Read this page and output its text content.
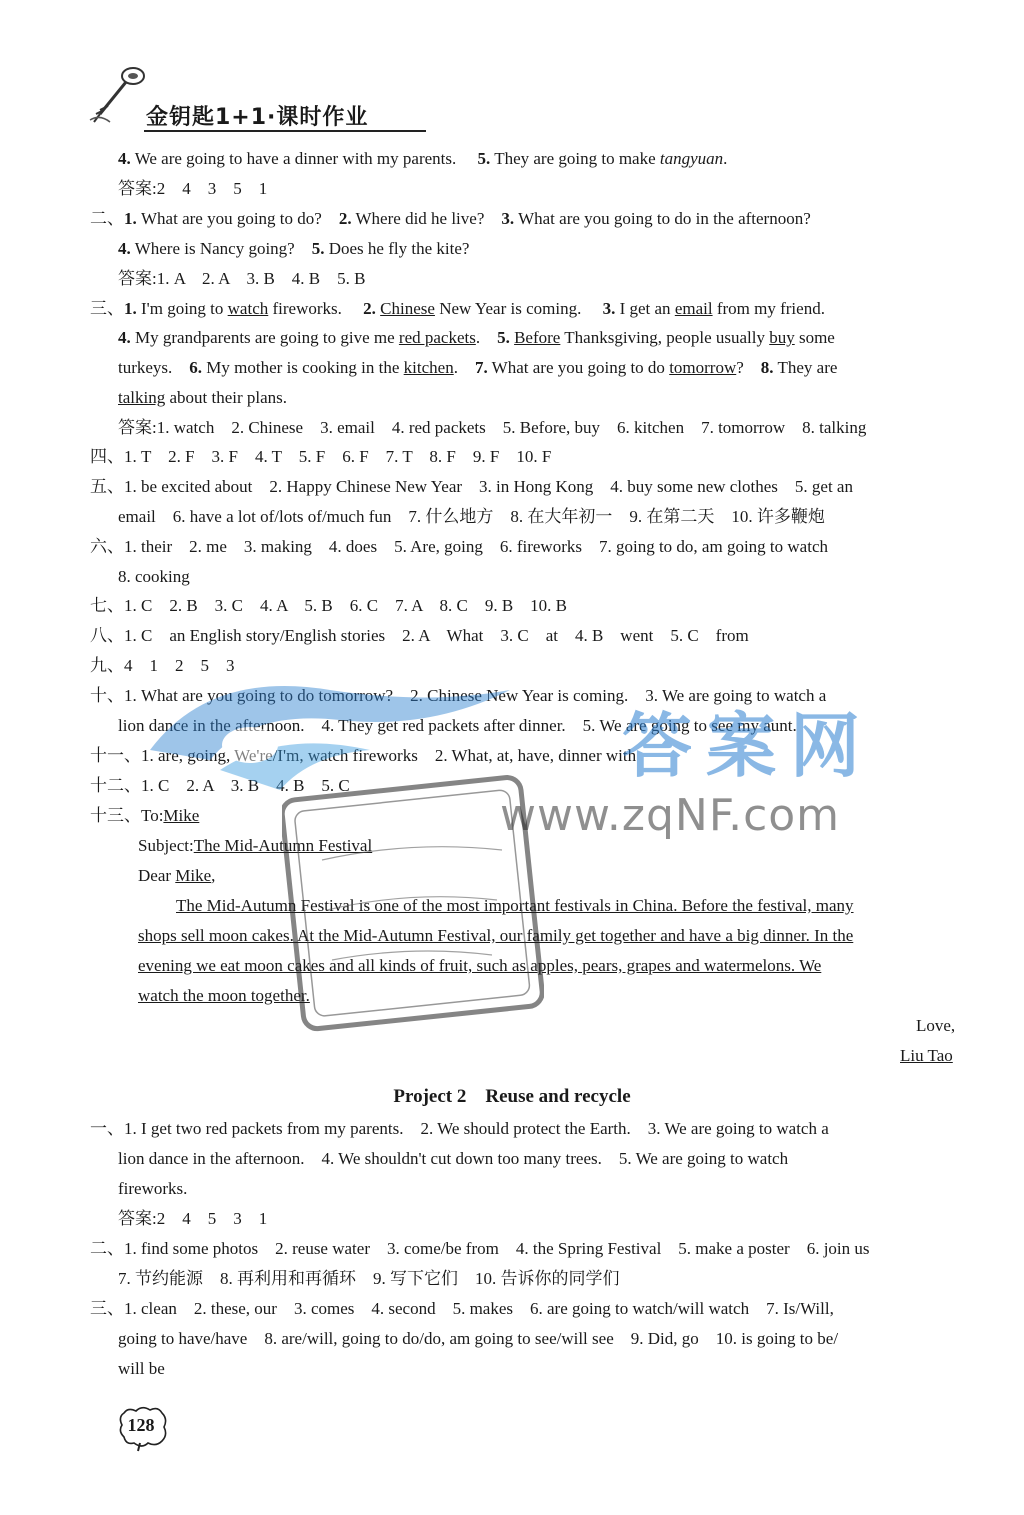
金钥匙1+1·课时作业
4. We are going to have a dinner with my parents. 5. They are going to make tangyuan.
答案:2　4　3　5　1
二、1. What are you going to do? 2. Where did he live? 3. What are you going to do in the afternoon?
4. Where is Nancy going? 5. Does he fly the kite?
答案:1. A　2. A　3. B　4. B　5. B
三、1. I'm going to watch fireworks. 2. Chinese New Year is coming. 3. I get an email from my friend.
4. My grandparents are going to give me red packets. 5. Before Thanksgiving, people usually buy some
turkeys. 6. My mother is cooking in the kitchen. 7. What are you going to do tomorrow? 8. They are
talking about their plans.
答案:1. watch　2. Chinese　3. email　4. red packets　5. Before, buy　6. kitchen　7. tomorrow　8. talking
四、1. T　2. F　3. F　4. T　5. F　6. F　7. T　8. F　9. F　10. F
五、1. be excited about　2. Happy Chinese New Year　3. in Hong Kong　4. buy some new clothes　5. get an
email　6. have a lot of/lots of/much fun　7. 什么地方　8. 在大年初一　9. 在第二天　10. 许多鞭炮
六、1. their　2. me　3. making　4. does　5. Are, going　6. fireworks　7. going to do, am going to watch
8. cooking
七、1. C　2. B　3. C　4. A　5. B　6. C　7. A　8. C　9. B　10. B
八、1. C　an English story/English stories　2. A　What　3. C　at　4. B　went　5. C　from
九、4　1　2　5　3
十、1. What are you going to do tomorrow?　2. Chinese New Year is coming.　3. We are going to watch a
lion dance in the afternoon.　4. They get red packets after dinner.　5. We are going to see my aunt.
十一、1. are, going, We're/I'm, watch fireworks　2. What, at, have, dinner with
十二、1. C　2. A　3. B　4. B　5. C
十三、To:Mike
Subject:The Mid-Autumn Festival
Dear Mike,
The Mid-Autumn Festival is one of the most important festivals in China. Before the festival, many
shops sell moon cakes. At the Mid-Autumn Festival, our family get together and have a big dinner. In the
evening we eat moon cakes and all kinds of fruit, such as apples, pears, grapes and watermelons. We
watch the moon together.
Love,
Liu Tao
Project 2　Reuse and recycle
一、1. I get two red packets from my parents.　2. We should protect the Earth.　3. We are going to watch a
lion dance in the afternoon.　4. We shouldn't cut down too many trees.　5. We are going to watch
fireworks.
答案:2　4　5　3　1
二、1. find some photos　2. reuse water　3. come/be from　4. the Spring Festival　5. make a poster　6. join us
7. 节约能源　8. 再利用和再循环　9. 写下它们　10. 告诉你的同学们
三、1. clean　2. these, our　3. comes　4. second　5. makes　6. are going to watch/will watch　7. Is/Will,
going to have/have　8. are/will, going to do/do, am going to see/will see　9. Did, go　10. is going to be/
will be
答案网
www.zqNF.com
128
